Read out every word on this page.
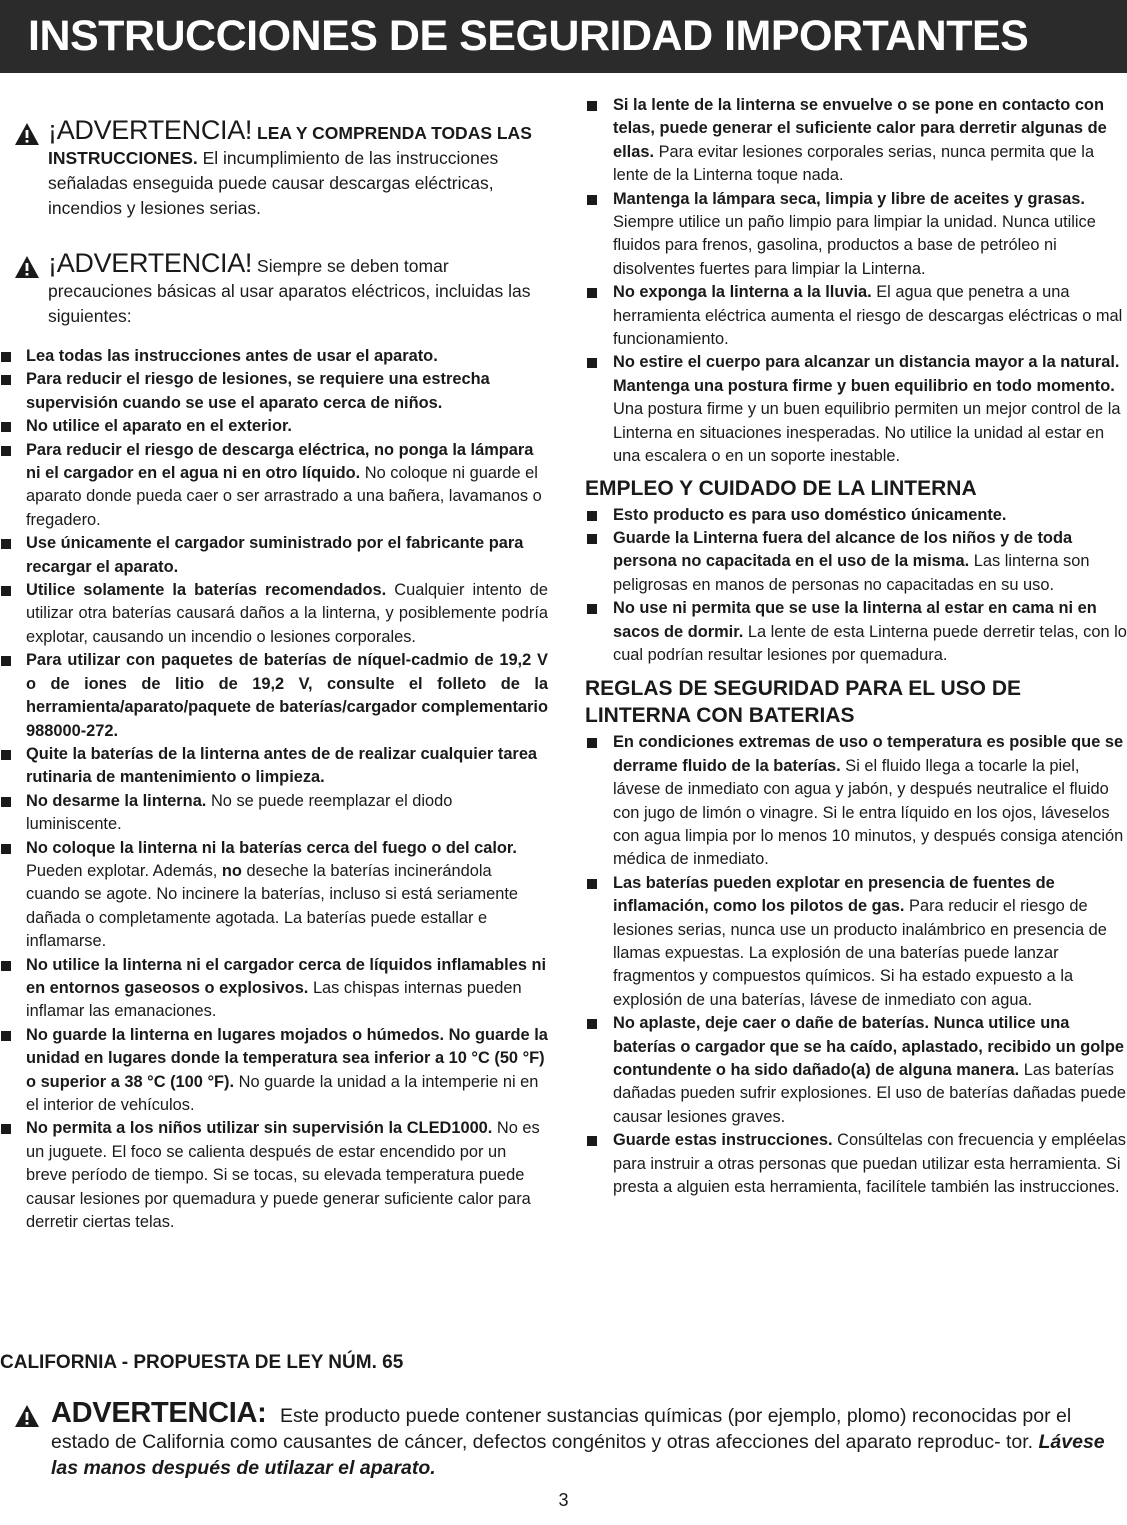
INSTRUCCIONES DE SEGURIDAD IMPORTANTES
¡ADVERTENCIA! LEA Y COMPRENDA TODAS LAS INSTRUCCIONES. El incumplimiento de las instrucciones señaladas enseguida puede causar descargas eléctricas, incendios y lesiones serias.
¡ADVERTENCIA! Siempre se deben tomar precauciones básicas al usar aparatos eléctricos, incluidas las siguientes:
Lea todas las instrucciones antes de usar el aparato.
Para reducir el riesgo de lesiones, se requiere una estrecha supervisión cuando se use el aparato cerca de niños.
No utilice el aparato en el exterior.
Para reducir el riesgo de descarga eléctrica, no ponga la lámpara ni el cargador en el agua ni en otro líquido. No coloque ni guarde el aparato donde pueda caer o ser arrastrado a una bañera, lavamanos o fregadero.
Use únicamente el cargador suministrado por el fabricante para recargar el aparato.
Utilice solamente la baterías recomendados. Cualquier intento de utilizar otra baterías causará daños a la linterna, y posiblemente podría explotar, causando un incendio o lesiones corporales.
Para utilizar con paquetes de baterías de níquel-cadmio de 19,2 V o de iones de litio de 19,2 V, consulte el folleto de la herramienta/aparato/paquete de baterías/cargador complementario 988000-272.
Quite la baterías de la linterna antes de de realizar cualquier tarea rutinaria de mantenimiento o limpieza.
No desarme la linterna. No se puede reemplazar el diodo luminiscente.
No coloque la linterna ni la baterías cerca del fuego o del calor. Pueden explotar. Además, no deseche la baterías incinerándola cuando se agote. No incinere la baterías, incluso si está seriamente dañada o completamente agotada. La baterías puede estallar e inflamarse.
No utilice la linterna ni el cargador cerca de líquidos inflamables ni en entornos gaseosos o explosivos. Las chispas internas pueden inflamar las emanaciones.
No guarde la linterna en lugares mojados o húmedos. No guarde la unidad en lugares donde la temperatura sea inferior a 10 °C (50 °F) o superior a 38 °C (100 °F). No guarde la unidad a la intemperie ni en el interior de vehículos.
No permita a los niños utilizar sin supervisión la CLED1000. No es un juguete. El foco se calienta después de estar encendido por un breve período de tiempo. Si se tocas, su elevada temperatura puede causar lesiones por quemadura y puede generar suficiente calor para derretir ciertas telas.
Si la lente de la linterna se envuelve o se pone en contacto con telas, puede generar el suficiente calor para derretir algunas de ellas. Para evitar lesiones corporales serias, nunca permita que la lente de la Linterna toque nada.
Mantenga la lámpara seca, limpia y libre de aceites y grasas. Siempre utilice un paño limpio para limpiar la unidad. Nunca utilice fluidos para frenos, gasolina, productos a base de petróleo ni disolventes fuertes para limpiar la Linterna.
No exponga la linterna a la lluvia. El agua que penetra a una herramienta eléctrica aumenta el riesgo de descargas eléctricas o mal funcionamiento.
No estire el cuerpo para alcanzar un distancia mayor a la natural. Mantenga una postura firme y buen equilibrio en todo momento. Una postura firme y un buen equilibrio permiten un mejor control de la Linterna en situaciones inesperadas. No utilice la unidad al estar en una escalera o en un soporte inestable.
EMPLEO Y CUIDADO DE LA LINTERNA
Esto producto es para uso doméstico únicamente.
Guarde la Linterna fuera del alcance de los niños y de toda persona no capacitada en el uso de la misma. Las linterna son peligrosas en manos de personas no capacitadas en su uso.
No use ni permita que se use la linterna al estar en cama ni en sacos de dormir. La lente de esta Linterna puede derretir telas, con lo cual podrían resultar lesiones por quemadura.
REGLAS DE SEGURIDAD PARA EL USO DE LINTERNA CON BATERIAS
En condiciones extremas de uso o temperatura es posible que se derrame fluido de la baterías. Si el fluido llega a tocarle la piel, lávese de inmediato con agua y jabón, y después neutralice el fluido con jugo de limón o vinagre. Si le entra líquido en los ojos, láveselos con agua limpia por lo menos 10 minutos, y después consiga atención médica de inmediato.
Las baterías pueden explotar en presencia de fuentes de inflamación, como los pilotos de gas. Para reducir el riesgo de lesiones serias, nunca use un producto inalámbrico en presencia de llamas expuestas. La explosión de una baterías puede lanzar fragmentos y compuestos químicos. Si ha estado expuesto a la explosión de una baterías, lávese de inmediato con agua.
No aplaste, deje caer o dañe de baterías. Nunca utilice una baterías o cargador que se ha caído, aplastado, recibido un golpe contundente o ha sido dañado(a) de alguna manera. Las baterías dañadas pueden sufrir explosiones. El uso de baterías dañadas puede causar lesiones graves.
Guarde estas instrucciones. Consúltelas con frecuencia y empléelas para instruir a otras personas que puedan utilizar esta herramienta. Si presta a alguien esta herramienta, facilítele también las instrucciones.
CALIFORNIA - PROPUESTA DE LEY NÚM. 65
ADVERTENCIA: Este producto puede contener sustancias químicas (por ejemplo, plomo) reconocidas por el estado de California como causantes de cáncer, defectos congénitos y otras afecciones del aparato reproduc- tor. Lávese las manos después de utilazar el aparato.
3
